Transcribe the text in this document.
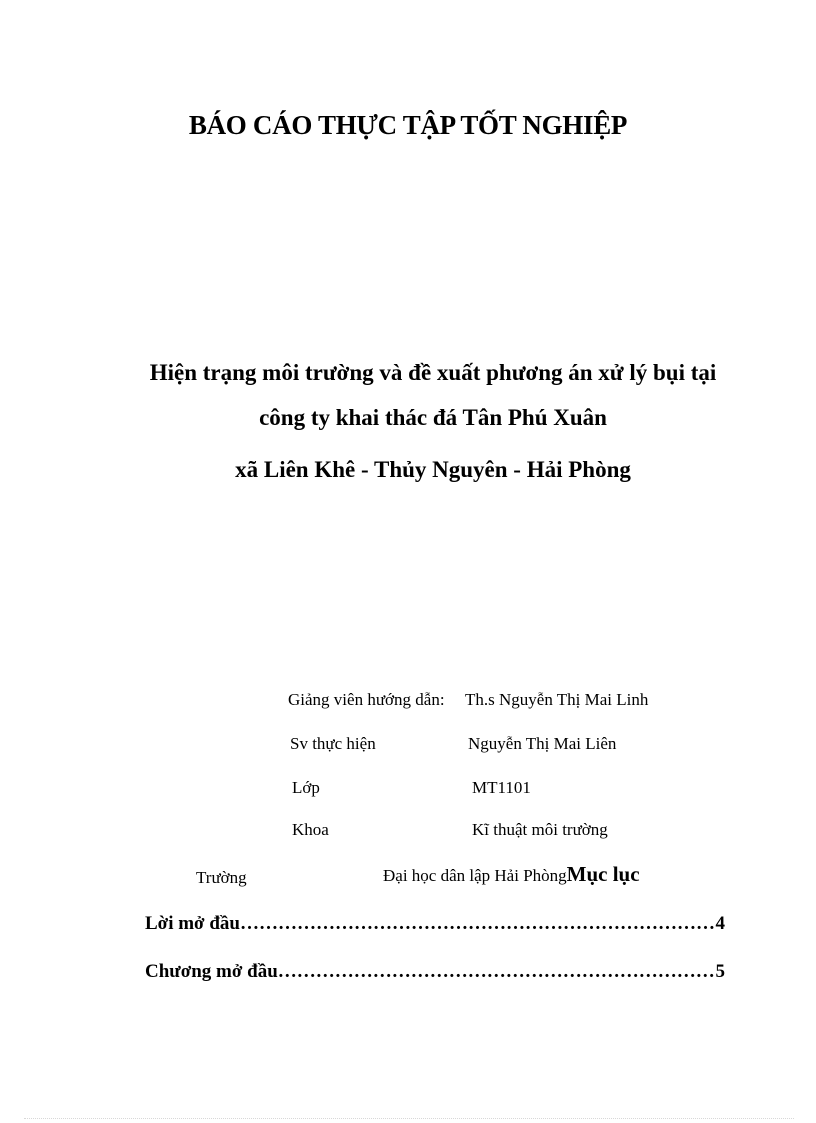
BÁO CÁO THỰC TẬP TỐT NGHIỆP
Hiện trạng môi trường và đề xuất phương án xử lý bụi tại
công ty khai thác đá Tân Phú Xuân
xã Liên Khê - Thủy Nguyên - Hải Phòng
Giảng viên hướng dẫn: Th.s Nguyễn Thị Mai Linh
Sv thực hiện	Nguyễn Thị Mai Liên
Lớp	MT1101
Khoa	Kĩ thuật môi trường
Trường	Đại học dân lập Hải PhòngMục lục
Lời mở đầu ………………………………………………………………………………………………………………	4
Chương mở đầu ………………………………………………………………………………………………………………	5
